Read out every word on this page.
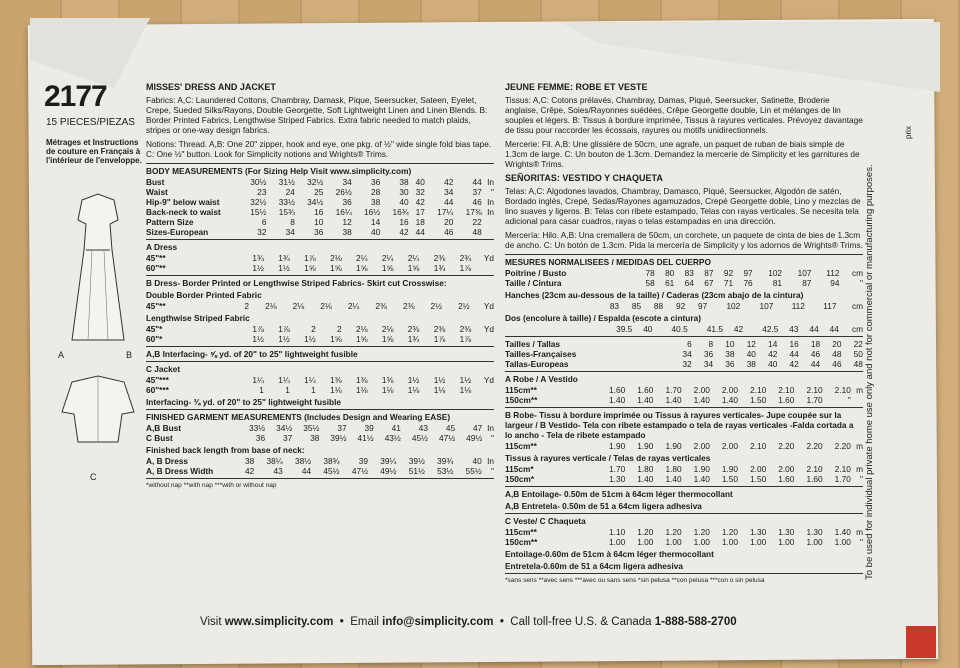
2177
15 PIECES/PIEZAS
Métrages et Instructions de couture en Français à l'intérieur de l'enveloppe.
A	B
C
MISSES' DRESS AND JACKET

Fabrics: A,C: Laundered Cottons, Chambray, Damask, Pique, Seersucker, Sateen, Eyelet, Crepe, Sueded Silks/Rayons, Double Georgette, Soft Lightweight Linen and Linen Blends. B: Border Printed Fabrics, Lengthwise Striped Fabrics. Extra fabric needed to match plaids, stripes or one-way design fabrics.

Notions: Thread. A,B: One 20" zipper, hook and eye, one pkg. of ½" wide single fold bias tape. C: One ½" button. Look for Simplicity notions and Wrights® Trims.

BODY MEASUREMENTS (For Sizing Help Visit www.simplicity.com)
Bust	30½	31½	32½	34	36	38	40	42	44	In
Waist	23	24	25	26½	28	30	32	34	37	"
Hip-9" below waist	32½	33½	34½	36	38	40	42	44	46	In
Back-neck to waist	15½	15¾	16	16¼	16½	16¾	17	17¼	17⅜	In
Pattern Size	6	8	10	12	14	16	18	20	22	
Sizes-European	32	34	36	38	40	42	44	46	48	
A Dress
45"**	1¾	1¾	1⅞	2⅛	2¼	2¼	2¼	2⅜	2¾	Yd
60"**	1½	1½	1⅝	1⅝	1⅝	1⅝	1⅝	1¾	1⅞	
B Dress- Border Printed or Lengthwise Striped Fabrics- Skirt cut Crosswise:
Double Border Printed Fabric
45"**	2	2⅛	2⅛	2⅛	2¼	2⅜	2⅜	2½	2½	Yd
Lengthwise Striped Fabric
45"*	1⅞	1⅞	2	2	2⅛	2⅛	2⅜	2⅜	2⅜	Yd
60"*	1½	1½	1½	1⅝	1⅝	1⅝	1¾	1⅞	1⅞	
A,B Interfacing- ⅝ yd. of 20" to 25" lightweight fusible
C Jacket
45"***	1¼	1¼	1¼	1⅜	1⅜	1⅜	1½	1½	1½	Yd
60"***	1	1	1	1⅛	1⅛	1⅛	1⅛	1⅛	1⅛	
Interfacing- ¾ yd. of 20" to 25" lightweight fusible
FINISHED GARMENT MEASUREMENTS (Includes Design and Wearing EASE)
A,B Bust	33½	34½	35½	37	39	41	43	45	47	In
C Bust	36	37	38	39½	41½	43½	45½	47½	49½	"
Finished back length from base of neck:
A, B Dress	38	38¼	38½	38¾	39	39¼	39½	39¾	40	In
A, B Dress Width	42	43	44	45½	47½	49½	51½	53½	55½	"
*without nap **with nap ***with or without nap
JEUNE FEMME: ROBE ET VESTE

Tissus: A,C: Cotons prélavés, Chambray, Damas, Piqué, Seersucker, Satinette, Broderie anglaise, Crêpe, Soies/Rayonnes suédées, Crêpe Georgette double, Lin et mélanges de lin souples et légers. B: Tissus à bordure imprimée, Tissus à rayures verticales. Prévoyez davantage de tissu pour raccorder les écossais, rayures ou motifs unidirectionnels.

Mercerie: Fil. A,B: Une glissière de 50cm, une agrafe, un paquet de ruban de biais simple de 1.3cm de large. C: Un bouton de 1.3cm. Demandez la mercerie de Simplicity et les garnitures de Wrights® Trims.

SEÑORITAS: VESTIDO Y CHAQUETA

Telas: A,C: Algodones lavados, Chambray, Damasco, Piqué, Seersucker, Algodón de satén, Bordado inglés, Crepé, Sedas/Rayones agamuzados, Crepé Georgette doble, Lino y mezclas de lino suaves y ligeros. B: Telas con ribete estampado, Telas con rayas verticales. Se necesita tela adicional para casar cuadros, rayas o telas estampadas en una dirección.

Mercería: Hilo. A,B: Una cremallera de 50cm, un corchete, un paquete de cinta de bies de 1.3cm de ancho. C: Un botón de 1.3cm. Pida la mercería de Simplicity y los adornos de Wrights® Trims.

MESURES NORMALISEES / MEDIDAS DEL CUERPO
Poitrine / Busto	78	80	83	87	92	97	102	107	112	cm
Taille / Cintura	58	61	64	67	71	76	81	87	94	"
Hanches (23cm au-dessous de la taille) / Caderas (23cm abajo de la cintura)
	83	85	88	92	97	102	107	112	117	cm
Dos (encolure à taille) / Espalda (escote a cintura)
	39.5	40	40.5	41.5	42	42.5	43	44	44	cm
Tailles / Tallas	6	8	10	12	14	16	18	20	22	
Tailles-Françaises	34	36	38	40	42	44	46	48	50	
Tallas-Europeas	32	34	36	38	40	42	44	46	48	
A Robe / A Vestido
115cm**	1.60	1.60	1.70	2.00	2.00	2.10	2.10	2.10	2.10	m
150cm**	1.40	1.40	1.40	1.40	1.40	1.50	1.60	1.70	"	
B Robe- Tissu à bordure imprimée ou Tissus à rayures verticales- Jupe coupée sur la largeur / B Vestido- Tela con ribete estampado o tela de rayas verticales -Falda cortada a lo ancho - Tela de ribete estampado
115cm**	1.90	1.90	1.90	2.00	2.00	2.10	2.20	2.20	2.20	m
Tissus à rayures verticale / Telas de rayas verticales
115cm*	1.70	1.80	1.80	1.90	1.90	2.00	2.00	2.10	2.10	m
150cm*	1.30	1.40	1.40	1.40	1.50	1.50	1.60	1.60	1.70	"
A,B Entoilage- 0.50m de 51cm à 64cm léger thermocollant
A,B Entretela- 0.50m de 51 a 64cm ligera adhesiva
C Veste/ C Chaqueta
115cm**	1.10	1.20	1.20	1.20	1.20	1.30	1.30	1.30	1.40	m
150cm**	1.00	1.00	1.00	1.00	1.00	1.00	1.00	1.00	1.00	"
Entoilage-0.60m de 51cm à 64cm léger thermocollant
Entretela-0.60m de 51 a 64cm ligera adhesiva
*sans sens **avec sens ***avec ou sans sens *sin pelusa **con pelusa ***con o sin pelusa
To be used for individual private home use only and not for commercial or manufacturing purposes.
prix
Visit www.simplicity.com  •  Email info@simplicity.com  •  Call toll-free U.S. & Canada 1-888-588-2700
